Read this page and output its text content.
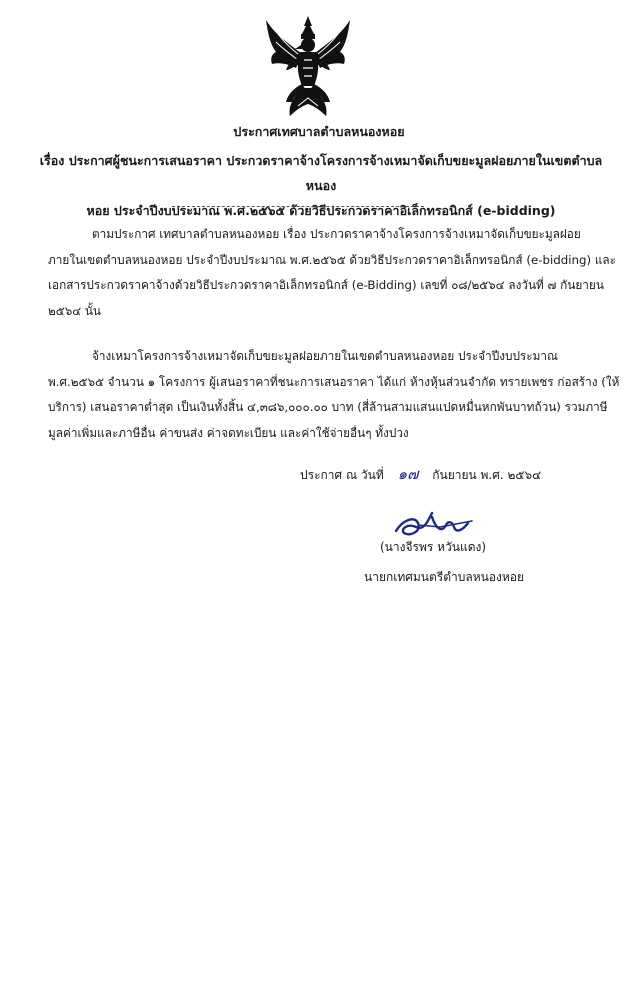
ประกาศเทศบาลตำบลหนองหอย
เรื่อง ประกาศผู้ชนะการเสนอราคา ประกวดราคาจ้างโครงการจ้างเหมาจัดเก็บขยะมูลฝอยภายในเขตตำบลหนอง
หอย ประจำปีงบประมาณ พ.ศ.๒๕๖๕ ด้วยวิธีประกวดราคาอิเล็กทรอนิกส์ (e-bidding)
ตามประกาศ เทศบาลตำบลหนองหอย เรื่อง ประกวดราคาจ้างโครงการจ้างเหมาจัดเก็บขยะมูลฝอย
ภายในเขตตำบลหนองหอย ประจำปีงบประมาณ พ.ศ.๒๕๖๕ ด้วยวิธีประกวดราคาอิเล็กทรอนิกส์ (e-bidding) และ
เอกสารประกวดราคาจ้างด้วยวิธีประกวดราคาอิเล็กทรอนิกส์ (e-Bidding) เลขที่ ๐๘/๒๕๖๔ ลงวันที่ ๗ กันยายน
๒๕๖๔ นั้น
จ้างเหมาโครงการจ้างเหมาจัดเก็บขยะมูลฝอยภายในเขตตำบลหนองหอย ประจำปีงบประมาณ
พ.ศ.๒๕๖๕ จำนวน ๑ โครงการ ผู้เสนอราคาที่ชนะการเสนอราคา ได้แก่ ห้างหุ้นส่วนจำกัด ทรายเพชร ก่อสร้าง (ให้
บริการ) เสนอราคาต่ำสุด เป็นเงินทั้งสิ้น ๔,๓๘๖,๐๐๐.๐๐ บาท (สี่ล้านสามแสนแปดหมื่นหกพันบาทถ้วน) รวมภาษี
มูลค่าเพิ่มและภาษีอื่น ค่าขนส่ง ค่าจดทะเบียน และค่าใช้จ่ายอื่นๆ ทั้งปวง
ประกาศ ณ วันที่ ๑๗ กันยายน พ.ศ. ๒๕๖๔
(นางจีรพร หวันแดง)
นายกเทศมนตรีตำบลหนองหอย
